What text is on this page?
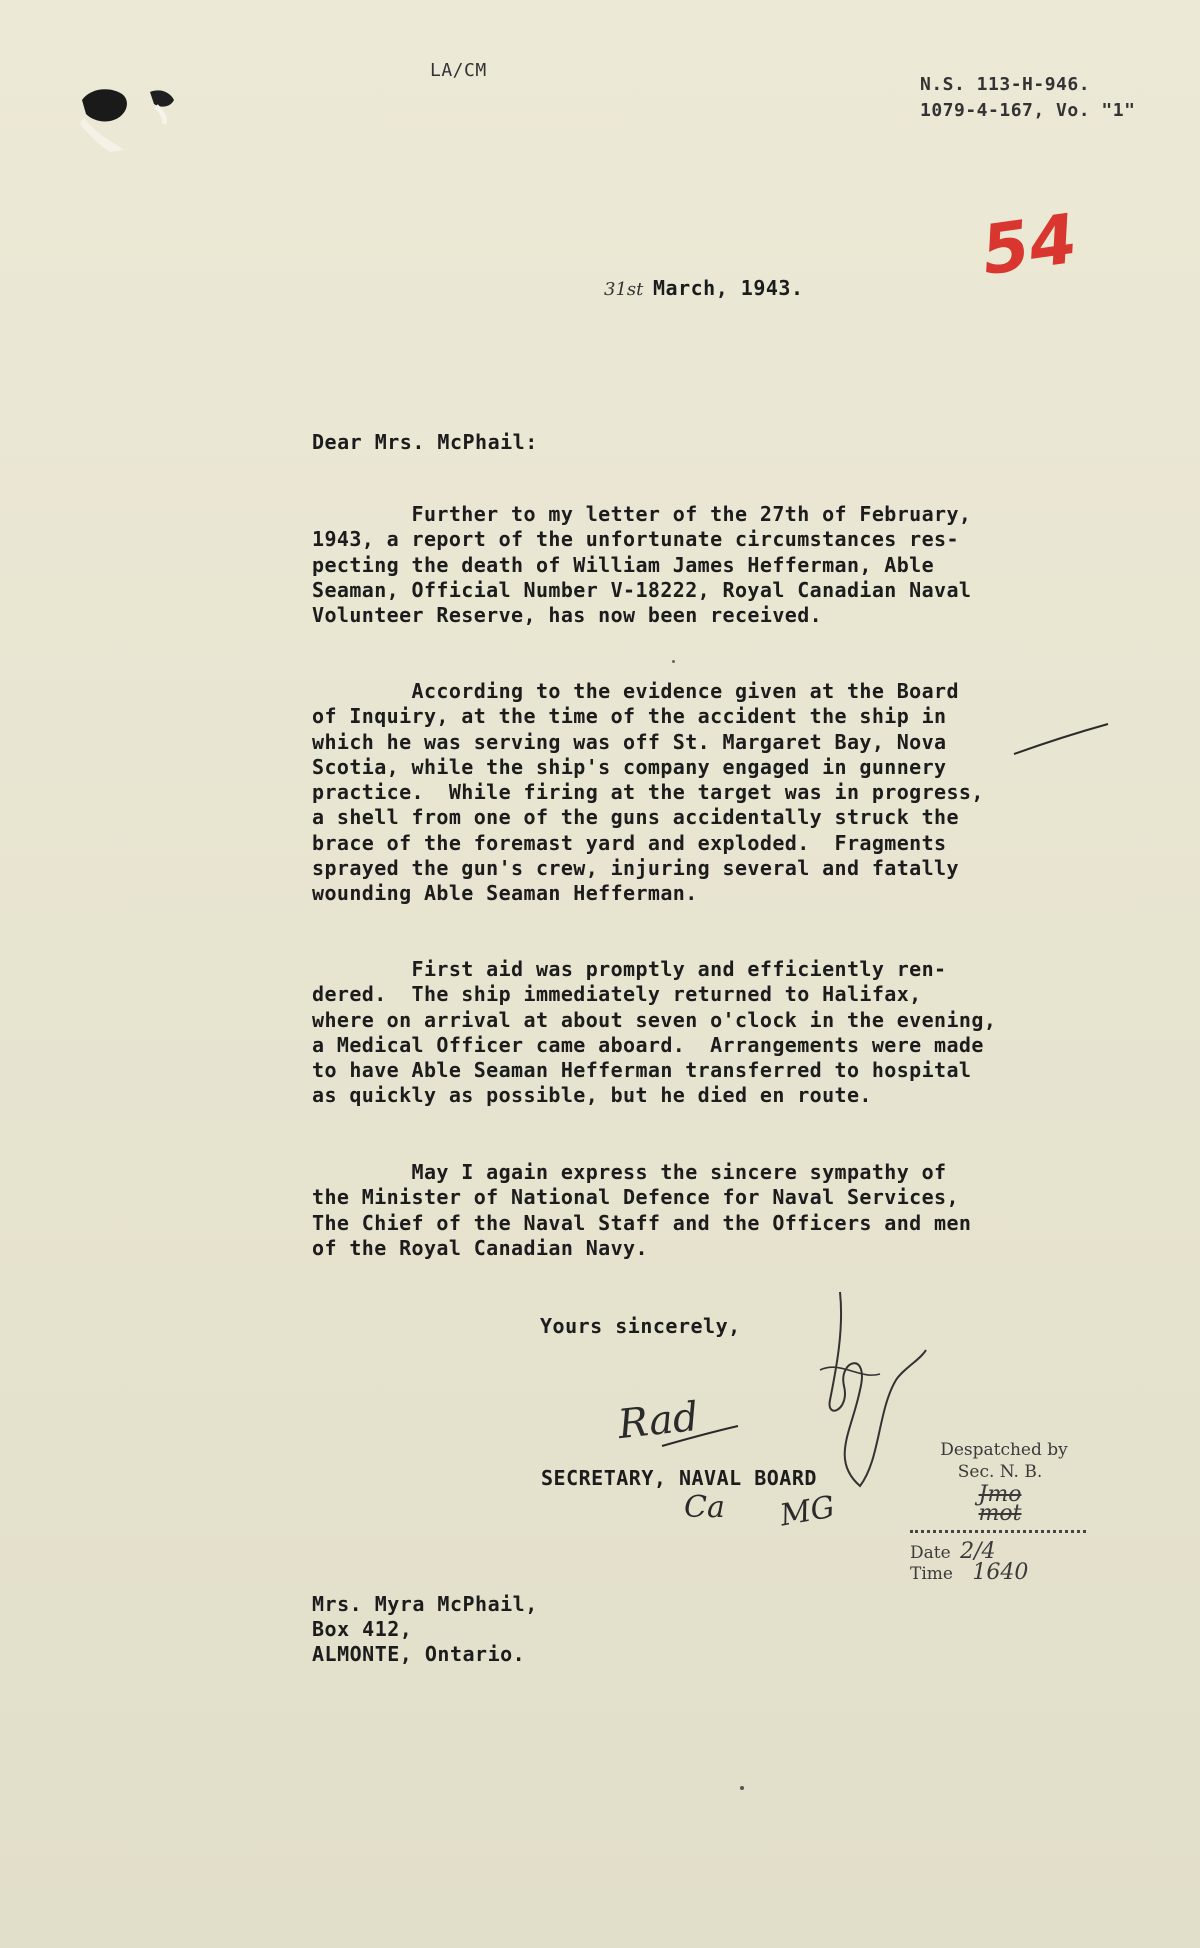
LA/CM
N.S. 113-H-946.
1079-4-167, Vo. "1"
54
31st March, 1943.
Dear Mrs. McPhail:
Further to my letter of the 27th of February,
1943, a report of the unfortunate circumstances res-
pecting the death of William James Hefferman, Able
Seaman, Official Number V-18222, Royal Canadian Naval
Volunteer Reserve, has now been received.
According to the evidence given at the Board
of Inquiry, at the time of the accident the ship in
which he was serving was off St. Margaret Bay, Nova
Scotia, while the ship's company engaged in gunnery
practice.  While firing at the target was in progress,
a shell from one of the guns accidentally struck the
brace of the foremast yard and exploded.  Fragments
sprayed the gun's crew, injuring several and fatally
wounding Able Seaman Hefferman.
First aid was promptly and efficiently ren-
dered.  The ship immediately returned to Halifax,
where on arrival at about seven o'clock in the evening,
a Medical Officer came aboard.  Arrangements were made
to have Able Seaman Hefferman transferred to hospital
as quickly as possible, but he died en route.
May I again express the sincere sympathy of
the Minister of National Defence for Naval Services,
The Chief of the Naval Staff and the Officers and men
of the Royal Canadian Navy.
Yours sincerely,
Rad
SECRETARY, NAVAL BOARD
Ca MG
Despatched by
Sec. N. B.
Jmo
mot
Date 2/4
Time 1640
Mrs. Myra McPhail,
Box 412,
ALMONTE, Ontario.
